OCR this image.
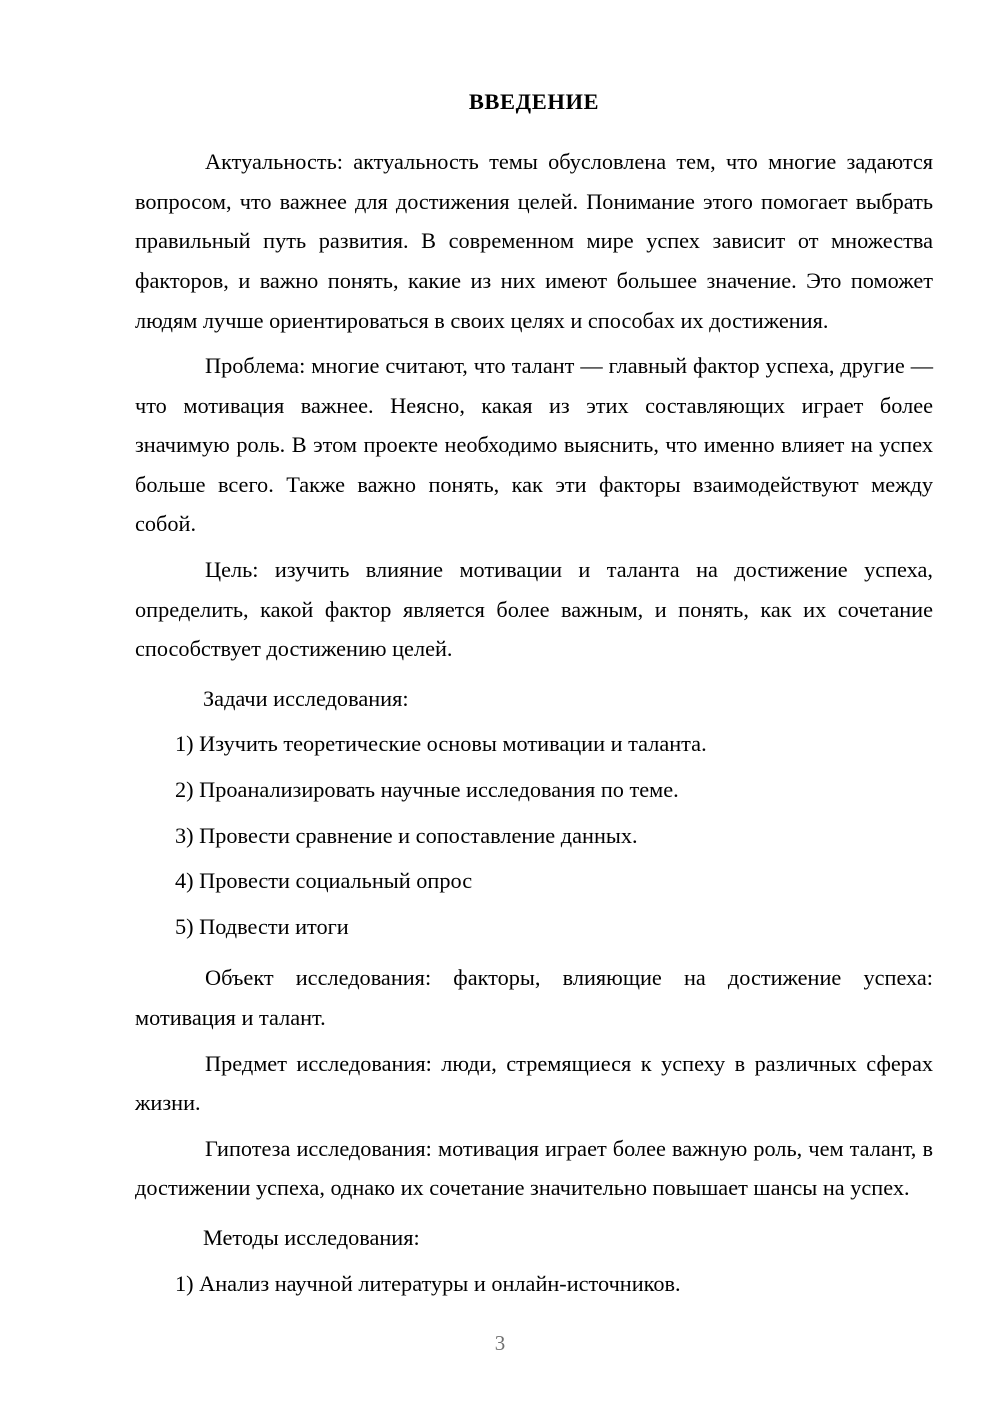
ВВЕДЕНИЕ

Актуальность: актуальность темы обусловлена тем, что многие задаются вопросом, что важнее для достижения целей. Понимание этого помогает выбрать правильный путь развития. В современном мире успех зависит от множества факторов, и важно понять, какие из них имеют большее значение. Это поможет людям лучше ориентироваться в своих целях и способах их достижения.

Проблема: многие считают, что талант — главный фактор успеха, другие — что мотивация важнее. Неясно, какая из этих составляющих играет более значимую роль. В этом проекте необходимо выяснить, что именно влияет на успех больше всего. Также важно понять, как эти факторы взаимодействуют между собой.

Цель: изучить влияние мотивации и таланта на достижение успеха, определить, какой фактор является более важным, и понять, как их сочетание способствует достижению целей.

Задачи исследования:

1) Изучить теоретические основы мотивации и таланта.
2) Проанализировать научные исследования по теме.
3) Провести сравнение и сопоставление данных.
4) Провести социальный опрос
5) Подвести итоги

Объект исследования: факторы, влияющие на достижение успеха: мотивация и талант.

Предмет исследования: люди, стремящиеся к успеху в различных сферах жизни.

Гипотеза исследования: мотивация играет более важную роль, чем талант, в достижении успеха, однако их сочетание значительно повышает шансы на успех.

Методы исследования:

1) Анализ научной литературы и онлайн-источников.
3
